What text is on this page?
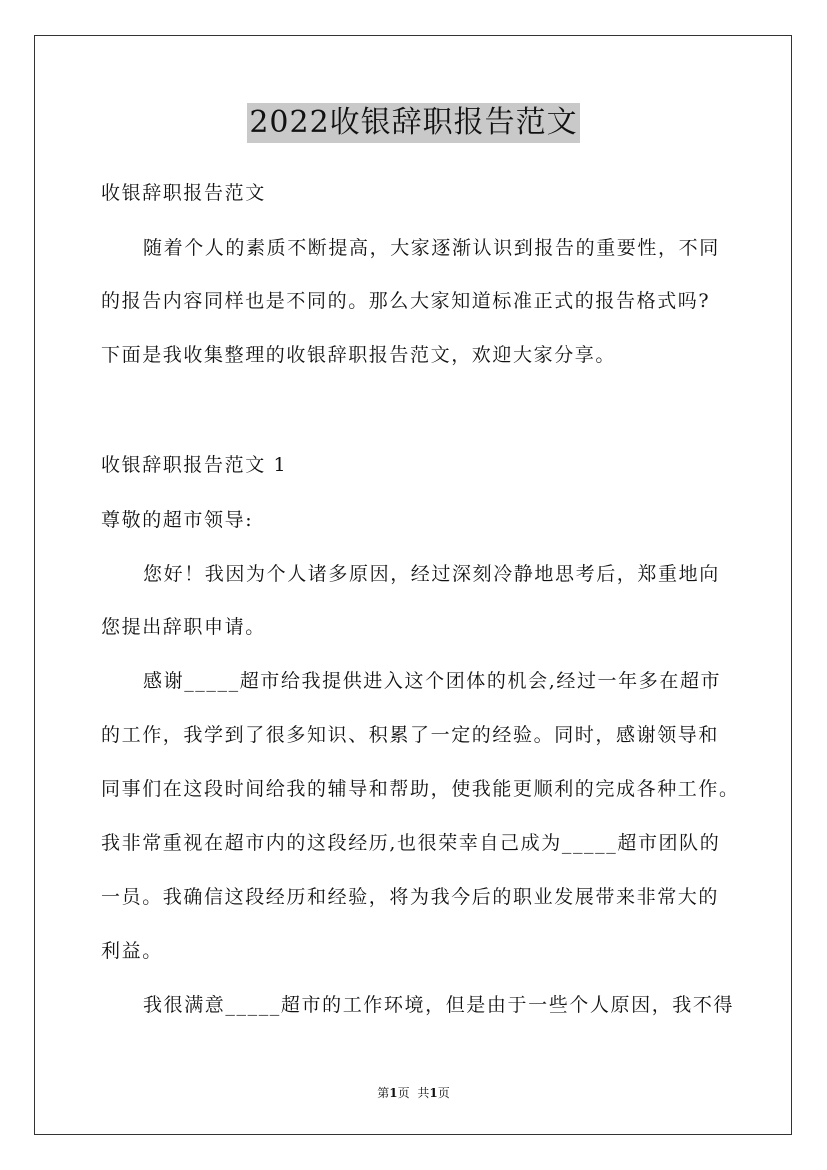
2022收银辞职报告范文

收银辞职报告范文

随着个人的素质不断提高，大家逐渐认识到报告的重要性，不同

的报告内容同样也是不同的。那么大家知道标准正式的报告格式吗?

下面是我收集整理的收银辞职报告范文，欢迎大家分享。

收银辞职报告范文 1

尊敬的超市领导:

您好！我因为个人诸多原因，经过深刻冷静地思考后，郑重地向

您提出辞职申请。

感谢_____超市给我提供进入这个团体的机会,经过一年多在超市

的工作，我学到了很多知识、积累了一定的经验。同时，感谢领导和

同事们在这段时间给我的辅导和帮助，使我能更顺利的完成各种工作。

我非常重视在超市内的这段经历,也很荣幸自己成为_____超市团队的

一员。我确信这段经历和经验，将为我今后的职业发展带来非常大的

利益。

我很满意_____超市的工作环境，但是由于一些个人原因，我不得

第1页 共1页
